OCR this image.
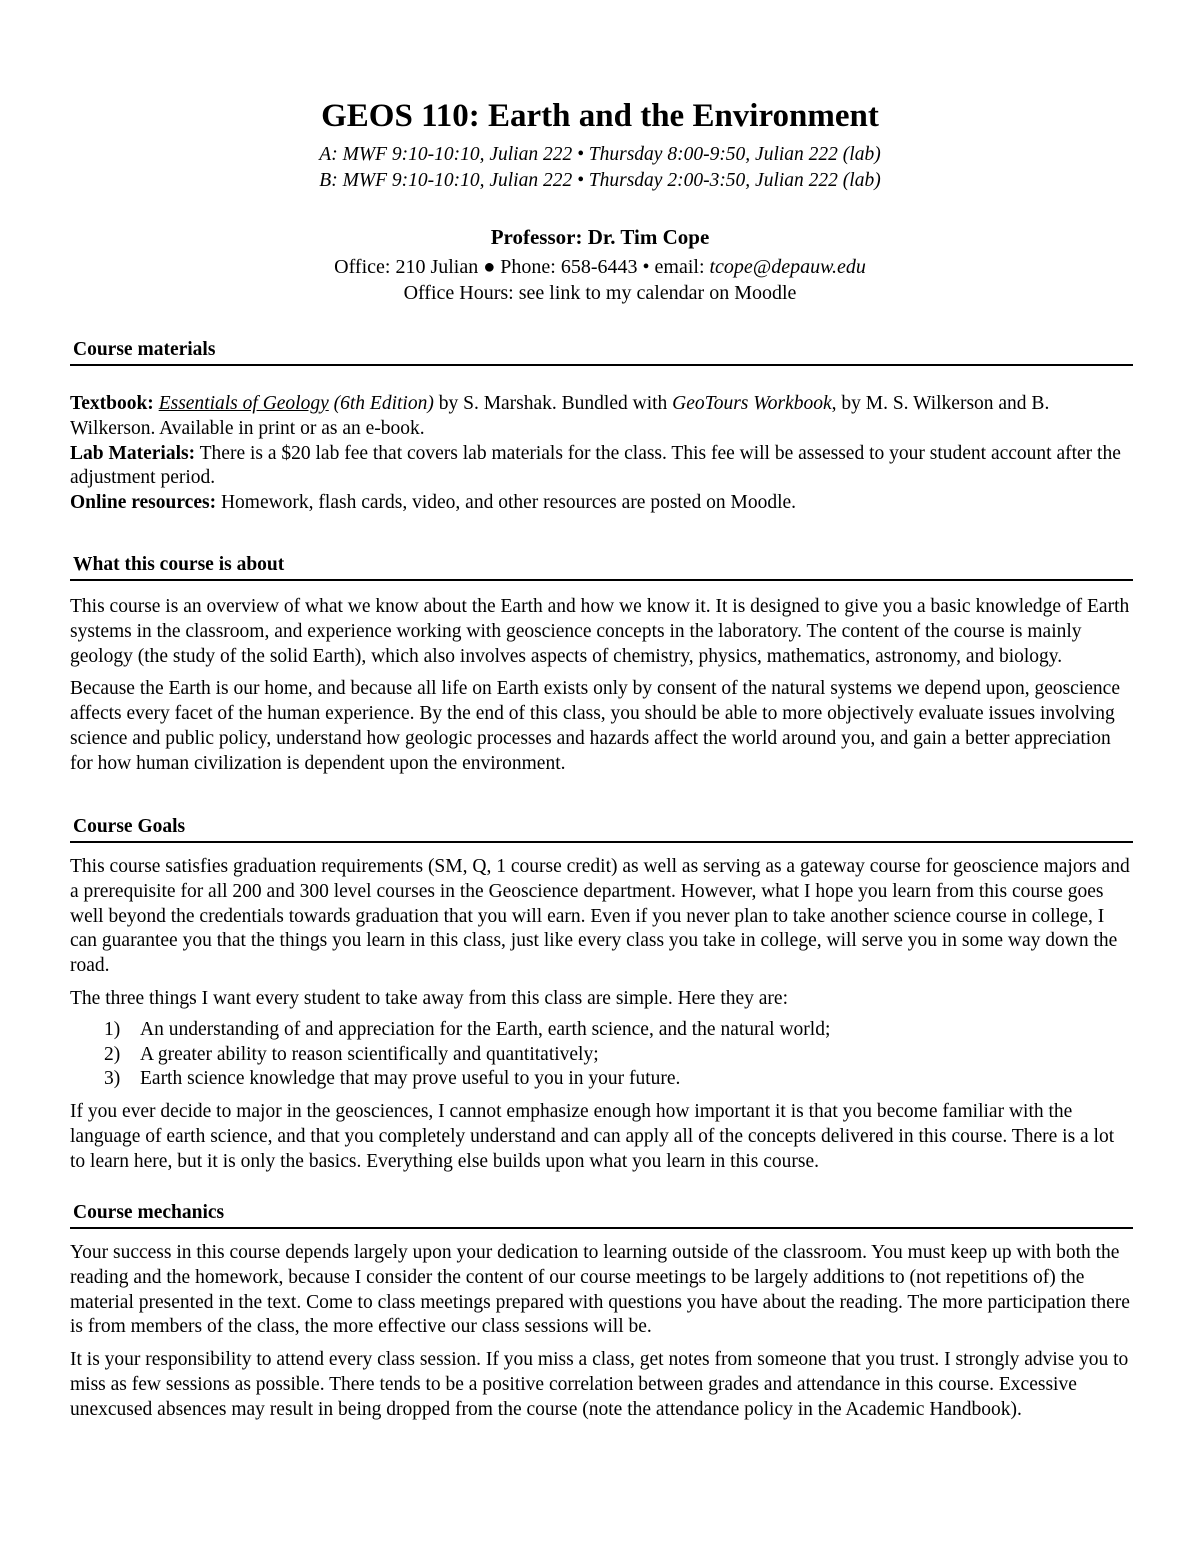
GEOS 110: Earth and the Environment
A: MWF 9:10-10:10, Julian 222 • Thursday 8:00-9:50, Julian 222 (lab)
B: MWF 9:10-10:10, Julian 222 • Thursday 2:00-3:50, Julian 222 (lab)
Professor: Dr. Tim Cope
Office: 210 Julian ● Phone: 658-6443 • email: tcope@depauw.edu
Office Hours: see link to my calendar on Moodle
Course materials

Textbook: Essentials of Geology (6th Edition) by S. Marshak. Bundled with GeoTours Workbook, by M. S. Wilkerson and B. Wilkerson. Available in print or as an e-book.

Lab Materials: There is a $20 lab fee that covers lab materials for the class. This fee will be assessed to your student account after the adjustment period.

Online resources: Homework, flash cards, video, and other resources are posted on Moodle.

What this course is about

This course is an overview of what we know about the Earth and how we know it. It is designed to give you a basic knowledge of Earth systems in the classroom, and experience working with geoscience concepts in the laboratory. The content of the course is mainly geology (the study of the solid Earth), which also involves aspects of chemistry, physics, mathematics, astronomy, and biology.

Because the Earth is our home, and because all life on Earth exists only by consent of the natural systems we depend upon, geoscience affects every facet of the human experience. By the end of this class, you should be able to more objectively evaluate issues involving science and public policy, understand how geologic processes and hazards affect the world around you, and gain a better appreciation for how human civilization is dependent upon the environment.

Course Goals

This course satisfies graduation requirements (SM, Q, 1 course credit) as well as serving as a gateway course for geoscience majors and a prerequisite for all 200 and 300 level courses in the Geoscience department. However, what I hope you learn from this course goes well beyond the credentials towards graduation that you will earn. Even if you never plan to take another science course in college, I can guarantee you that the things you learn in this class, just like every class you take in college, will serve you in some way down the road.

The three things I want every student to take away from this class are simple. Here they are:

1)	An understanding of and appreciation for the Earth, earth science, and the natural world;
2)	A greater ability to reason scientifically and quantitatively;
3)	Earth science knowledge that may prove useful to you in your future.

If you ever decide to major in the geosciences, I cannot emphasize enough how important it is that you become familiar with the language of earth science, and that you completely understand and can apply all of the concepts delivered in this course. There is a lot to learn here, but it is only the basics. Everything else builds upon what you learn in this course.

Course mechanics

Your success in this course depends largely upon your dedication to learning outside of the classroom. You must keep up with both the reading and the homework, because I consider the content of our course meetings to be largely additions to (not repetitions of) the material presented in the text. Come to class meetings prepared with questions you have about the reading. The more participation there is from members of the class, the more effective our class sessions will be.

It is your responsibility to attend every class session. If you miss a class, get notes from someone that you trust. I strongly advise you to miss as few sessions as possible. There tends to be a positive correlation between grades and attendance in this course. Excessive unexcused absences may result in being dropped from the course (note the attendance policy in the Academic Handbook).
